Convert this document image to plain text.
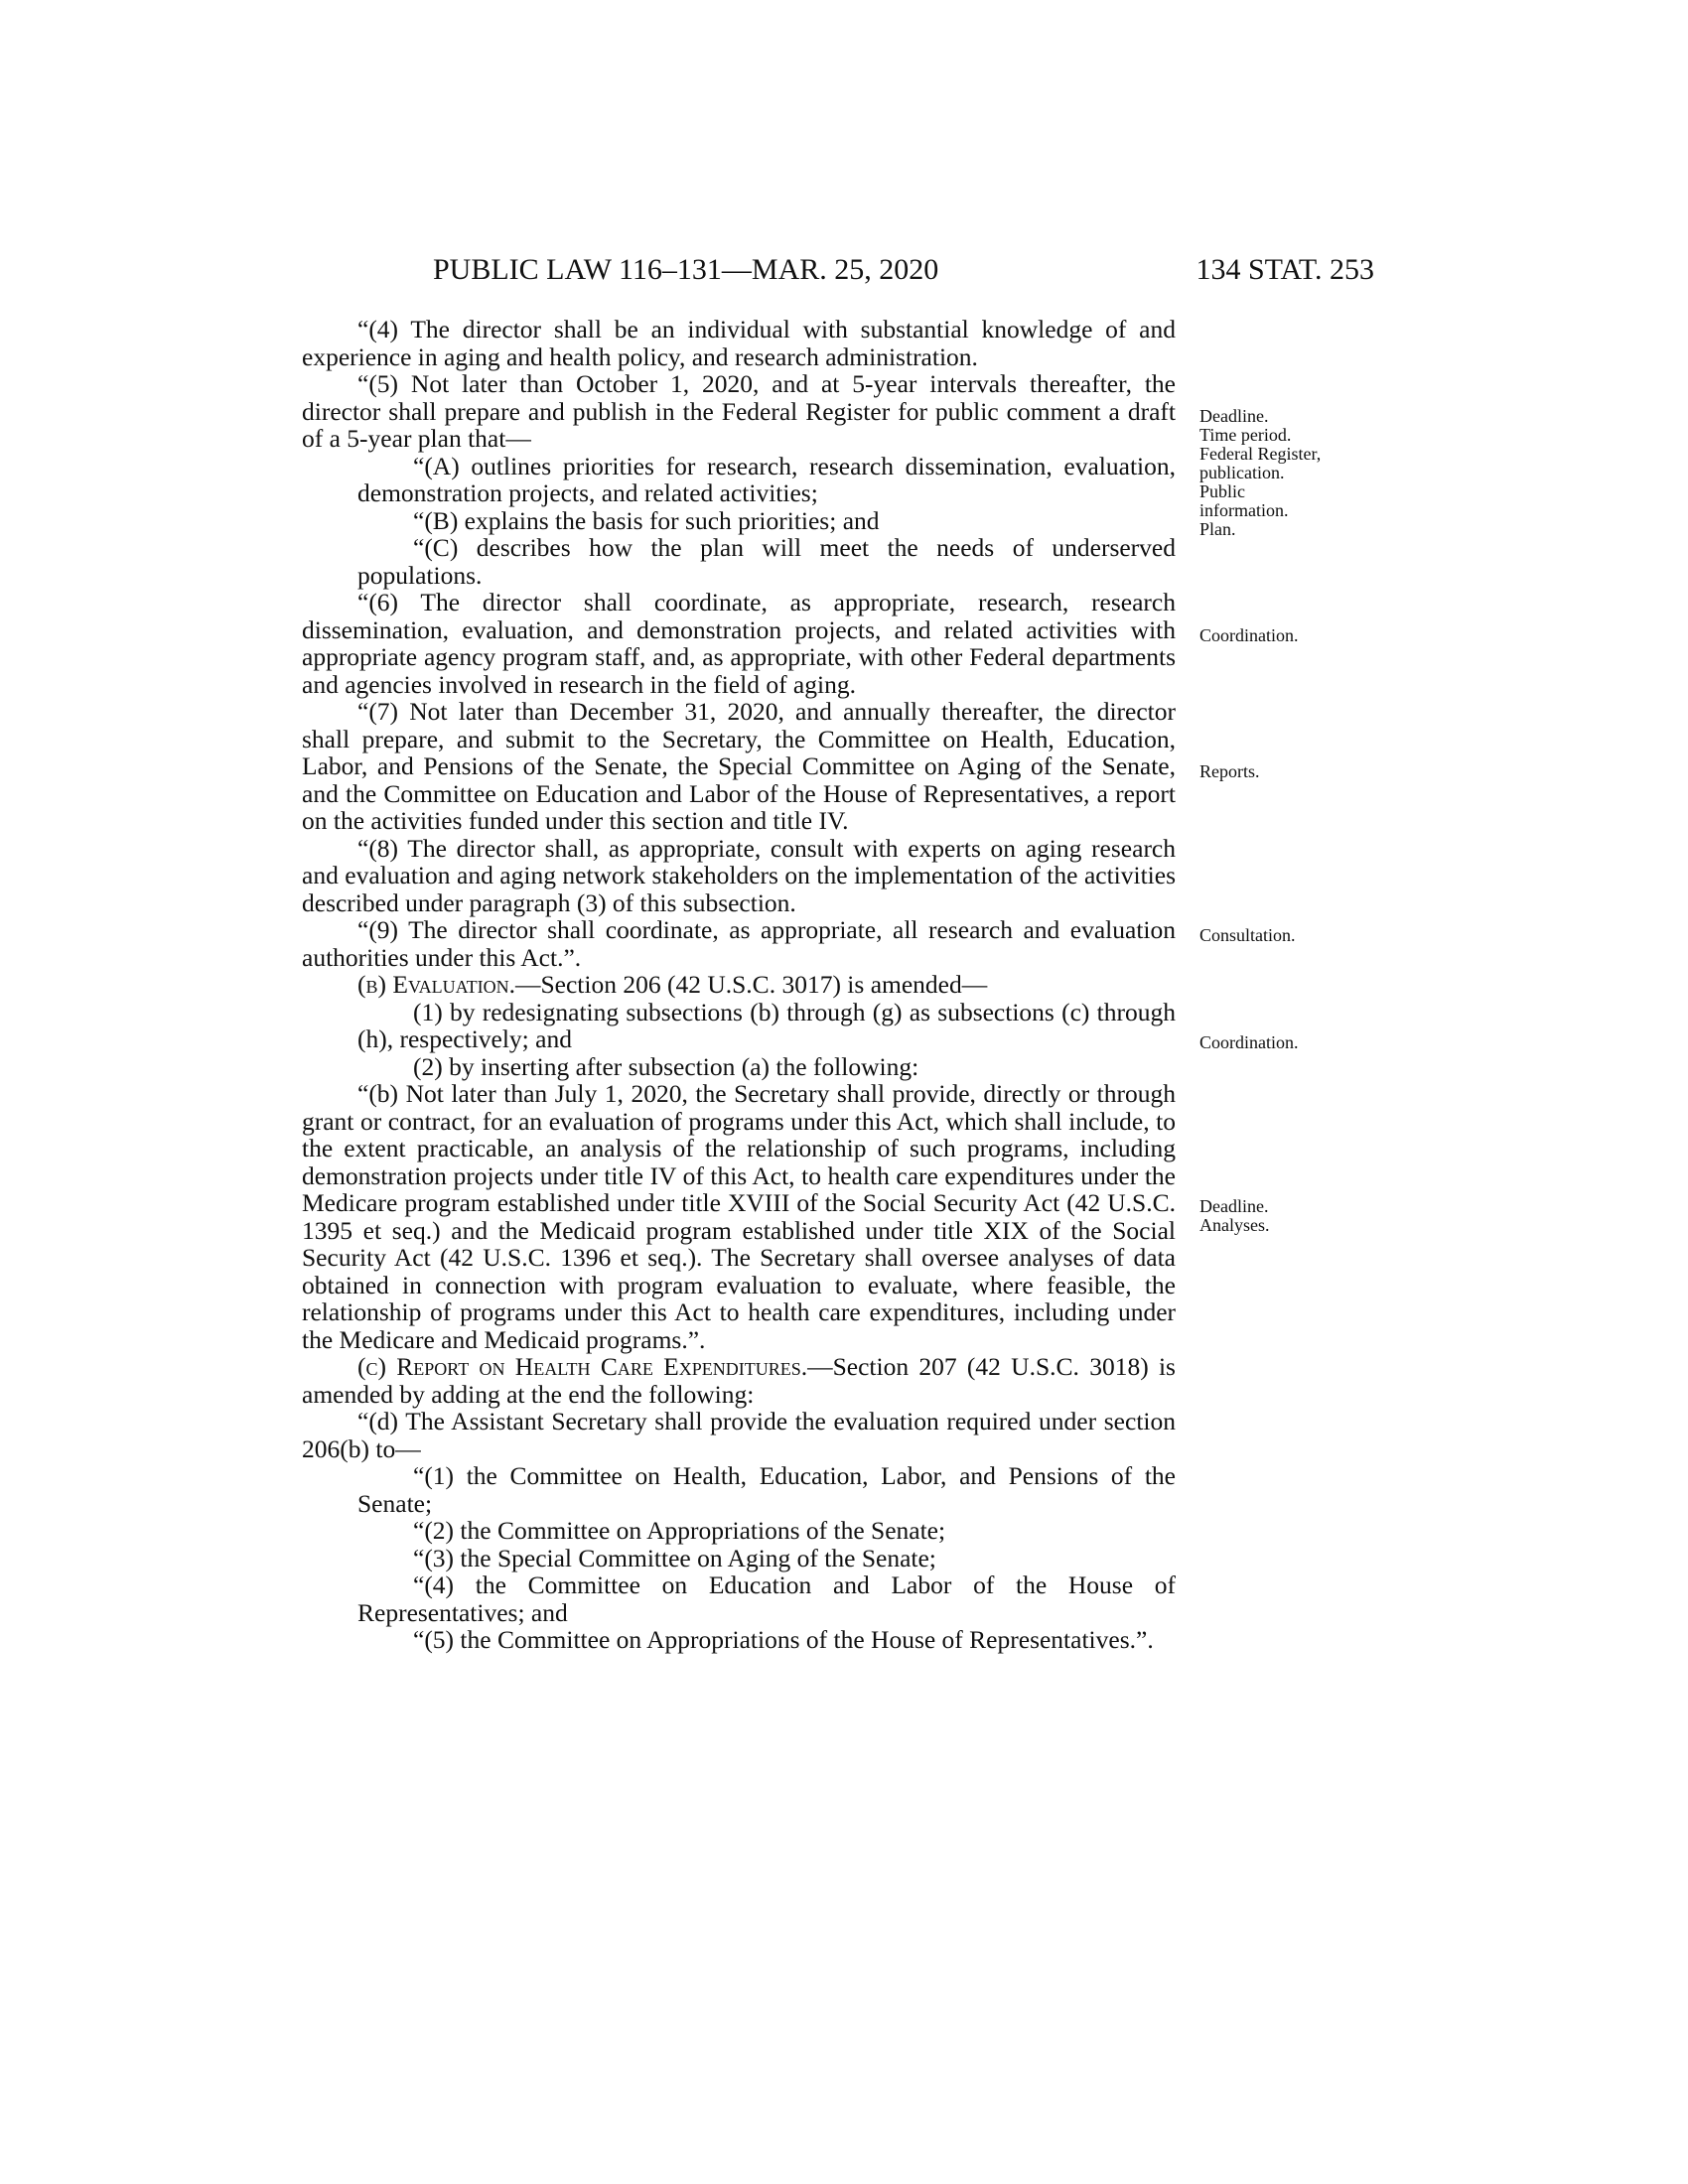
PUBLIC LAW 116–131—MAR. 25, 2020	134 STAT. 253

“(4) The director shall be an individual with substantial knowledge of and experience in aging and health policy, and research administration.

“(5) Not later than October 1, 2020, and at 5-year intervals thereafter, the director shall prepare and publish in the Federal Register for public comment a draft of a 5-year plan that—

“(A) outlines priorities for research, research dissemination, evaluation, demonstration projects, and related activities;

“(B) explains the basis for such priorities; and

“(C) describes how the plan will meet the needs of underserved populations.

“(6) The director shall coordinate, as appropriate, research, research dissemination, evaluation, and demonstration projects, and related activities with appropriate agency program staff, and, as appropriate, with other Federal departments and agencies involved in research in the field of aging.

“(7) Not later than December 31, 2020, and annually thereafter, the director shall prepare, and submit to the Secretary, the Committee on Health, Education, Labor, and Pensions of the Senate, the Special Committee on Aging of the Senate, and the Committee on Education and Labor of the House of Representatives, a report on the activities funded under this section and title IV.

“(8) The director shall, as appropriate, consult with experts on aging research and evaluation and aging network stakeholders on the implementation of the activities described under paragraph (3) of this subsection.

“(9) The director shall coordinate, as appropriate, all research and evaluation authorities under this Act.”.

(b) Evaluation.—Section 206 (42 U.S.C. 3017) is amended—

(1) by redesignating subsections (b) through (g) as subsections (c) through (h), respectively; and

(2) by inserting after subsection (a) the following:

“(b) Not later than July 1, 2020, the Secretary shall provide, directly or through grant or contract, for an evaluation of programs under this Act, which shall include, to the extent practicable, an analysis of the relationship of such programs, including demonstration projects under title IV of this Act, to health care expenditures under the Medicare program established under title XVIII of the Social Security Act (42 U.S.C. 1395 et seq.) and the Medicaid program established under title XIX of the Social Security Act (42 U.S.C. 1396 et seq.). The Secretary shall oversee analyses of data obtained in connection with program evaluation to evaluate, where feasible, the relationship of programs under this Act to health care expenditures, including under the Medicare and Medicaid programs.”.

(c) Report on Health Care Expenditures.—Section 207 (42 U.S.C. 3018) is amended by adding at the end the following:

“(d) The Assistant Secretary shall provide the evaluation required under section 206(b) to—

“(1) the Committee on Health, Education, Labor, and Pensions of the Senate;

“(2) the Committee on Appropriations of the Senate;

“(3) the Special Committee on Aging of the Senate;

“(4) the Committee on Education and Labor of the House of Representatives; and

“(5) the Committee on Appropriations of the House of Representatives.”.

Deadline.
Time period.
Federal Register, publication.
Public information.
Plan.
Coordination.
Reports.
Consultation.
Coordination.
Deadline.
Analyses.
